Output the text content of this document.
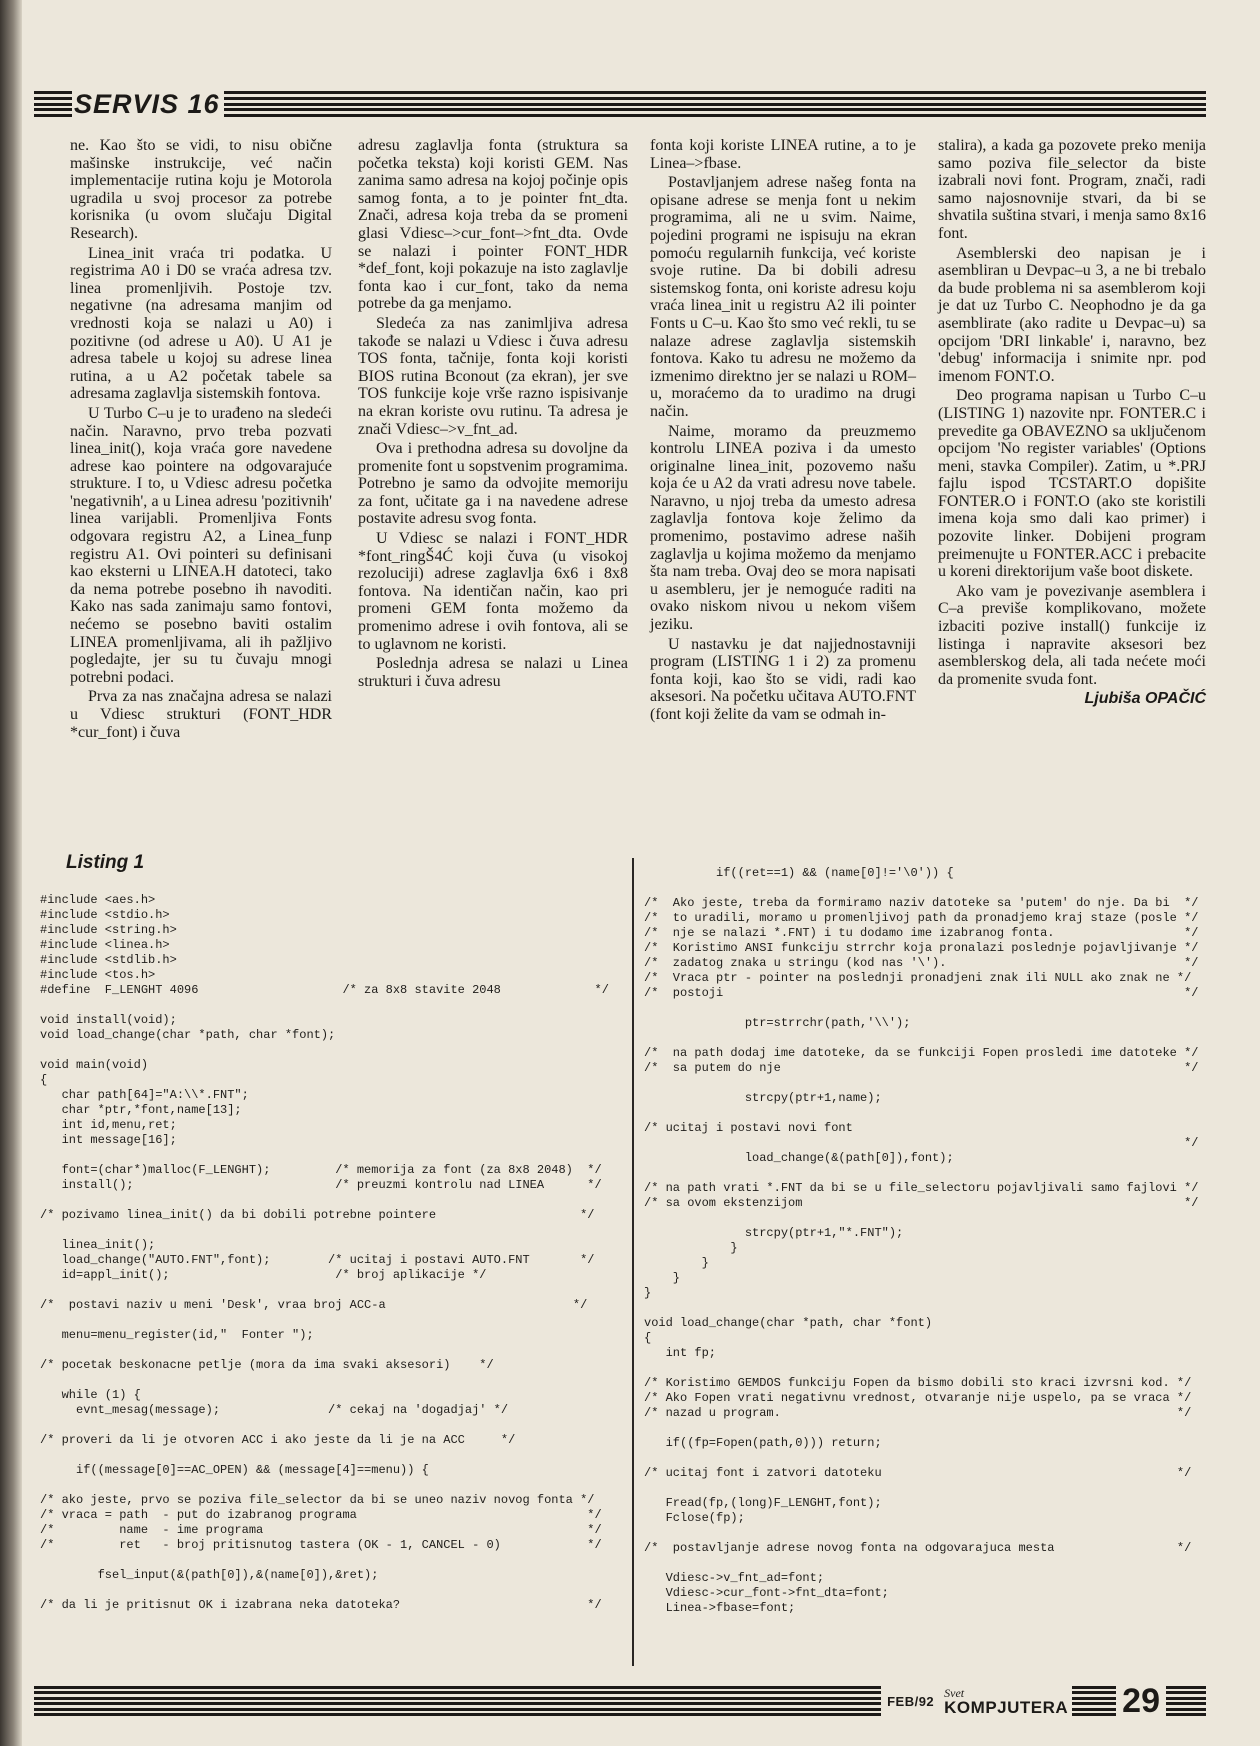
SERVIS 16

ne. Kao što se vidi, to nisu obične mašinske instrukcije, već način implementacije rutina koju je Motorola ugradila u svoj procesor za potrebe korisnika (u ovom slučaju Digital Research).

Linea_init vraća tri podatka. U registrima A0 i D0 se vraća adresa tzv. linea promenljivih. Postoje tzv. negativne (na adresama manjim od vrednosti koja se nalazi u A0) i pozitivne (od adrese u A0). U A1 je adresa tabele u kojoj su adrese linea rutina, a u A2 početak tabele sa adresama zaglavlja sistemskih fontova.

U Turbo C–u je to urađeno na sledeći način. Naravno, prvo treba pozvati linea_init(), koja vraća gore navedene adrese kao pointere na odgovarajuće strukture. I to, u Vdiesc adresu početka 'negativnih', a u Linea adresu 'pozitivnih' linea varijabli. Promenljiva Fonts odgovara registru A2, a Linea_funp registru A1. Ovi pointeri su definisani kao eksterni u LINEA.H datoteci, tako da nema potrebe posebno ih navoditi. Kako nas sada zanimaju samo fontovi, nećemo se posebno baviti ostalim LINEA promenljivama, ali ih pažljivo pogledajte, jer su tu čuvaju mnogi potrebni podaci.

Prva za nas značajna adresa se nalazi u Vdiesc strukturi (FONT_HDR *cur_font) i čuva

adresu zaglavlja fonta (struktura sa početka teksta) koji koristi GEM. Nas zanima samo adresa na kojoj počinje opis samog fonta, a to je pointer fnt_dta. Znači, adresa koja treba da se promeni glasi Vdiesc–>cur_font–>fnt_dta. Ovde se nalazi i pointer FONT_HDR *def_font, koji pokazuje na isto zaglavlje fonta kao i cur_font, tako da nema potrebe da ga menjamo.

Sledeća za nas zanimljiva adresa takođe se nalazi u Vdiesc i čuva adresu TOS fonta, tačnije, fonta koji koristi BIOS rutina Bconout (za ekran), jer sve TOS funkcije koje vrše razno ispisivanje na ekran koriste ovu rutinu. Ta adresa je znači Vdiesc–>v_fnt_ad.

Ova i prethodna adresa su dovoljne da promenite font u sopstvenim programima. Potrebno je samo da odvojite memoriju za font, učitate ga i na navedene adrese postavite adresu svog fonta.

U Vdiesc se nalazi i FONT_HDR *font_ringŠ4Ć koji čuva (u visokoj rezoluciji) adrese zaglavlja 6x6 i 8x8 fontova. Na identičan način, kao pri promeni GEM fonta možemo da promenimo adrese i ovih fontova, ali se to uglavnom ne koristi.

Poslednja adresa se nalazi u Linea strukturi i čuva adresu

fonta koji koriste LINEA rutine, a to je Linea–>fbase.

Postavljanjem adrese našeg fonta na opisane adrese se menja font u nekim programima, ali ne u svim. Naime, pojedini programi ne ispisuju na ekran pomoću regularnih funkcija, već koriste svoje rutine. Da bi dobili adresu sistemskog fonta, oni koriste adresu koju vraća linea_init u registru A2 ili pointer Fonts u C–u. Kao što smo već rekli, tu se nalaze adrese zaglavlja sistemskih fontova. Kako tu adresu ne možemo da izmenimo direktno jer se nalazi u ROM–u, moraćemo da to uradimo na drugi način.

Naime, moramo da preuzmemo kontrolu LINEA poziva i da umesto originalne linea_init, pozovemo našu koja će u A2 da vrati adresu nove tabele. Naravno, u njoj treba da umesto adresa zaglavlja fontova koje želimo da promenimo, postavimo adrese naših zaglavlja u kojima možemo da menjamo šta nam treba. Ovaj deo se mora napisati u asembleru, jer je nemoguće raditi na ovako niskom nivou u nekom višem jeziku.

U nastavku je dat najjednostavniji program (LISTING 1 i 2) za promenu fonta koji, kao što se vidi, radi kao aksesori. Na početku učitava AUTO.FNT (font koji želite da vam se odmah in-

stalira), a kada ga pozovete preko menija samo poziva file_selector da biste izabrali novi font. Program, znači, radi samo najosnovnije stvari, da bi se shvatila suština stvari, i menja samo 8x16 font.

Asemblerski deo napisan je i asembliran u Devpac–u 3, a ne bi trebalo da bude problema ni sa asemblerom koji je dat uz Turbo C. Neophodno je da ga asemblirate (ako radite u Devpac–u) sa opcijom 'DRI linkable' i, naravno, bez 'debug' informacija i snimite npr. pod imenom FONT.O.

Deo programa napisan u Turbo C–u (LISTING 1) nazovite npr. FONTER.C i prevedite ga OBAVEZNO sa uključenom opcijom 'No register variables' (Options meni, stavka Compiler). Zatim, u *.PRJ fajlu ispod TCSTART.O dopišite FONTER.O i FONT.O (ako ste koristili imena koja smo dali kao primer) i pozovite linker. Dobijeni program preimenujte u FONTER.ACC i prebacite u koreni direktorijum vaše boot diskete.

Ako vam je povezivanje asemblera i C–a previše komplikovano, možete izbaciti pozive install() funkcije iz listinga i napravite aksesori bez asemblerskog dela, ali tada nećete moći da promenite svuda font.

Ljubiša OPAČIĆ
Listing 1
#include <aes.h>
#include <stdio.h>
#include <string.h>
#include <linea.h>
#include <stdlib.h>
#include <tos.h>
#define  F_LENGHT 4096                    /* za 8x8 stavite 2048             */

void install(void);
void load_change(char *path, char *font);

void main(void)
{
char path[64]="A:\\*.FNT";
char *ptr,*font,name[13];
int id,menu,ret;
int message[16];

font=(char*)malloc(F_LENGHT);         /* memorija za font (za 8x8 2048)  */
install();                            /* preuzmi kontrolu nad LINEA      */

/* pozivamo linea_init() da bi dobili potrebne pointere                    */

linea_init();
load_change("AUTO.FNT",font);        /* ucitaj i postavi AUTO.FNT       */
id=appl_init();                       /* broj aplikacije */

/*  postavi naziv u meni 'Desk', vraa broj ACC-a                          */

menu=menu_register(id,"  Fonter ");

/* pocetak beskonacne petlje (mora da ima svaki aksesori)    */

while (1) {
evnt_mesag(message);               /* cekaj na 'dogadjaj' */

/* proveri da li je otvoren ACC i ako jeste da li je na ACC     */

if((message[0]==AC_OPEN) && (message[4]==menu)) {

/* ako jeste, prvo se poziva file_selector da bi se uneo naziv novog fonta */
/* vraca = path  - put do izabranog programa                                */
/*         name  - ime programa                                             */
/*         ret   - broj pritisnutog tastera (OK - 1, CANCEL - 0)            */

fsel_input(&(path[0]),&(name[0]),&ret);

/* da li je pritisnut OK i izabrana neka datoteka?                          */
if((ret==1) && (name[0]!='\0')) {

/*  Ako jeste, treba da formiramo naziv datoteke sa 'putem' do nje. Da bi  */
/*  to uradili, moramo u promenljivoj path da pronadjemo kraj staze (posle */
/*  nje se nalazi *.FNT) i tu dodamo ime izabranog fonta.                  */
/*  Koristimo ANSI funkciju strrchr koja pronalazi poslednje pojavljivanje */
/*  zadatog znaka u stringu (kod nas '\').                                 */
/*  Vraca ptr - pointer na poslednji pronadjeni znak ili NULL ako znak ne */
/*  postoji                                                                */

ptr=strrchr(path,'\\');

/*  na path dodaj ime datoteke, da se funkciji Fopen prosledi ime datoteke */
/*  sa putem do nje                                                        */

strcpy(ptr+1,name);

/* ucitaj i postavi novi font
*/
load_change(&(path[0]),font);

/* na path vrati *.FNT da bi se u file_selectoru pojavljivali samo fajlovi */
/* sa ovom ekstenzijom                                                     */

strcpy(ptr+1,"*.FNT");
}
}
}
}

void load_change(char *path, char *font)
{
int fp;

/* Koristimo GEMDOS funkciju Fopen da bismo dobili sto kraci izvrsni kod. */
/* Ako Fopen vrati negativnu vrednost, otvaranje nije uspelo, pa se vraca */
/* nazad u program.                                                       */

if((fp=Fopen(path,0))) return;

/* ucitaj font i zatvori datoteku                                         */

Fread(fp,(long)F_LENGHT,font);
Fclose(fp);

/*  postavljanje adrese novog fonta na odgovarajuca mesta                 */

Vdiesc->v_fnt_ad=font;
Vdiesc->cur_font->fnt_dta=font;
Linea->fbase=font;
FEB/92
Svet
KOMPJUTERA 29
